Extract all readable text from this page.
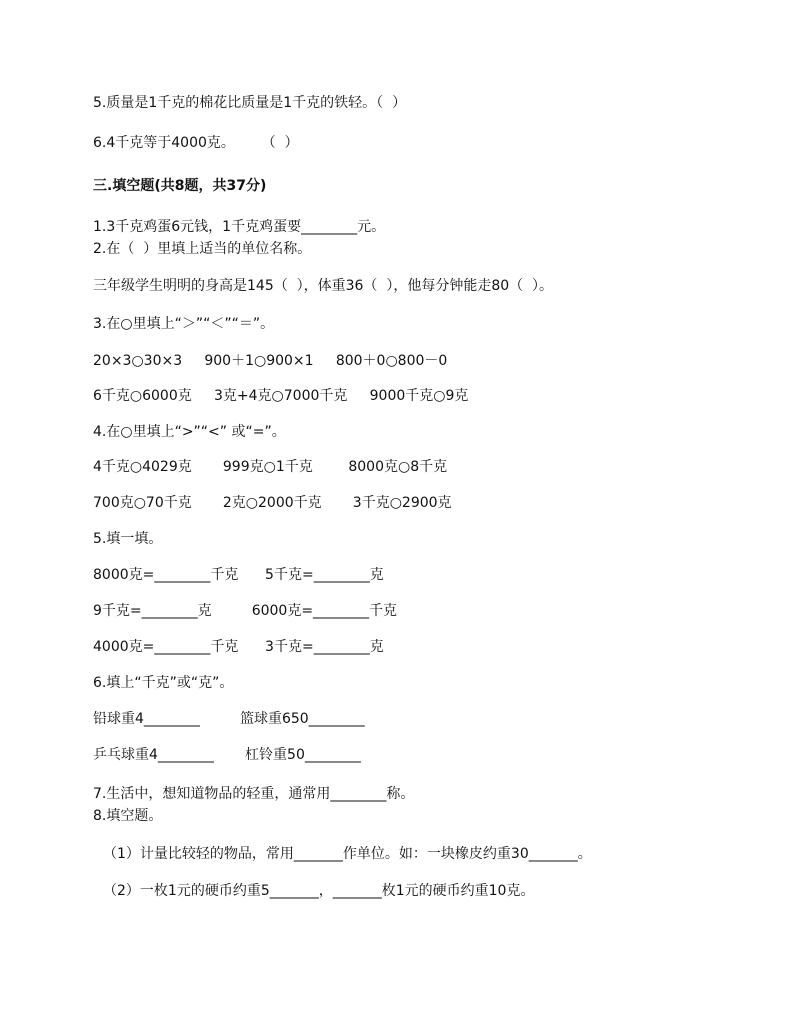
5.质量是1千克的棉花比质量是1千克的铁轻。（  ）
6.4千克等于4000克。      （  ）
三.填空题(共8题，共37分)
1.3千克鸡蛋6元钱，1千克鸡蛋要________元。
2.在（  ）里填上适当的单位名称。
三年级学生明明的身高是145（  ），体重36（  ），他每分钟能走80（  ）。
3.在○里填上“＞”“＜”“＝”。
20×3○30×3     900＋1○900×1     800＋0○800－0
6千克○6000克     3克+4克○7000千克     9000千克○9克
4.在○里填上“>”“<” 或“=”。
4千克○4029克       999克○1千克        8000克○8千克
700克○70千克       2克○2000千克       3千克○2900克
5.填一填。
8000克=________千克      5千克=________克
9千克=________克         6000克=________千克
4000克=________千克      3千克=________克
6.填上“千克”或“克”。
铅球重4________         篮球重650________
乒乓球重4________       杠铃重50________
7.生活中，想知道物品的轻重，通常用________称。
8.填空题。
（1）计量比较轻的物品，常用_______作单位。如：一块橡皮约重30_______。
（2）一枚1元的硬币约重5_______，_______枚1元的硬币约重10克。
